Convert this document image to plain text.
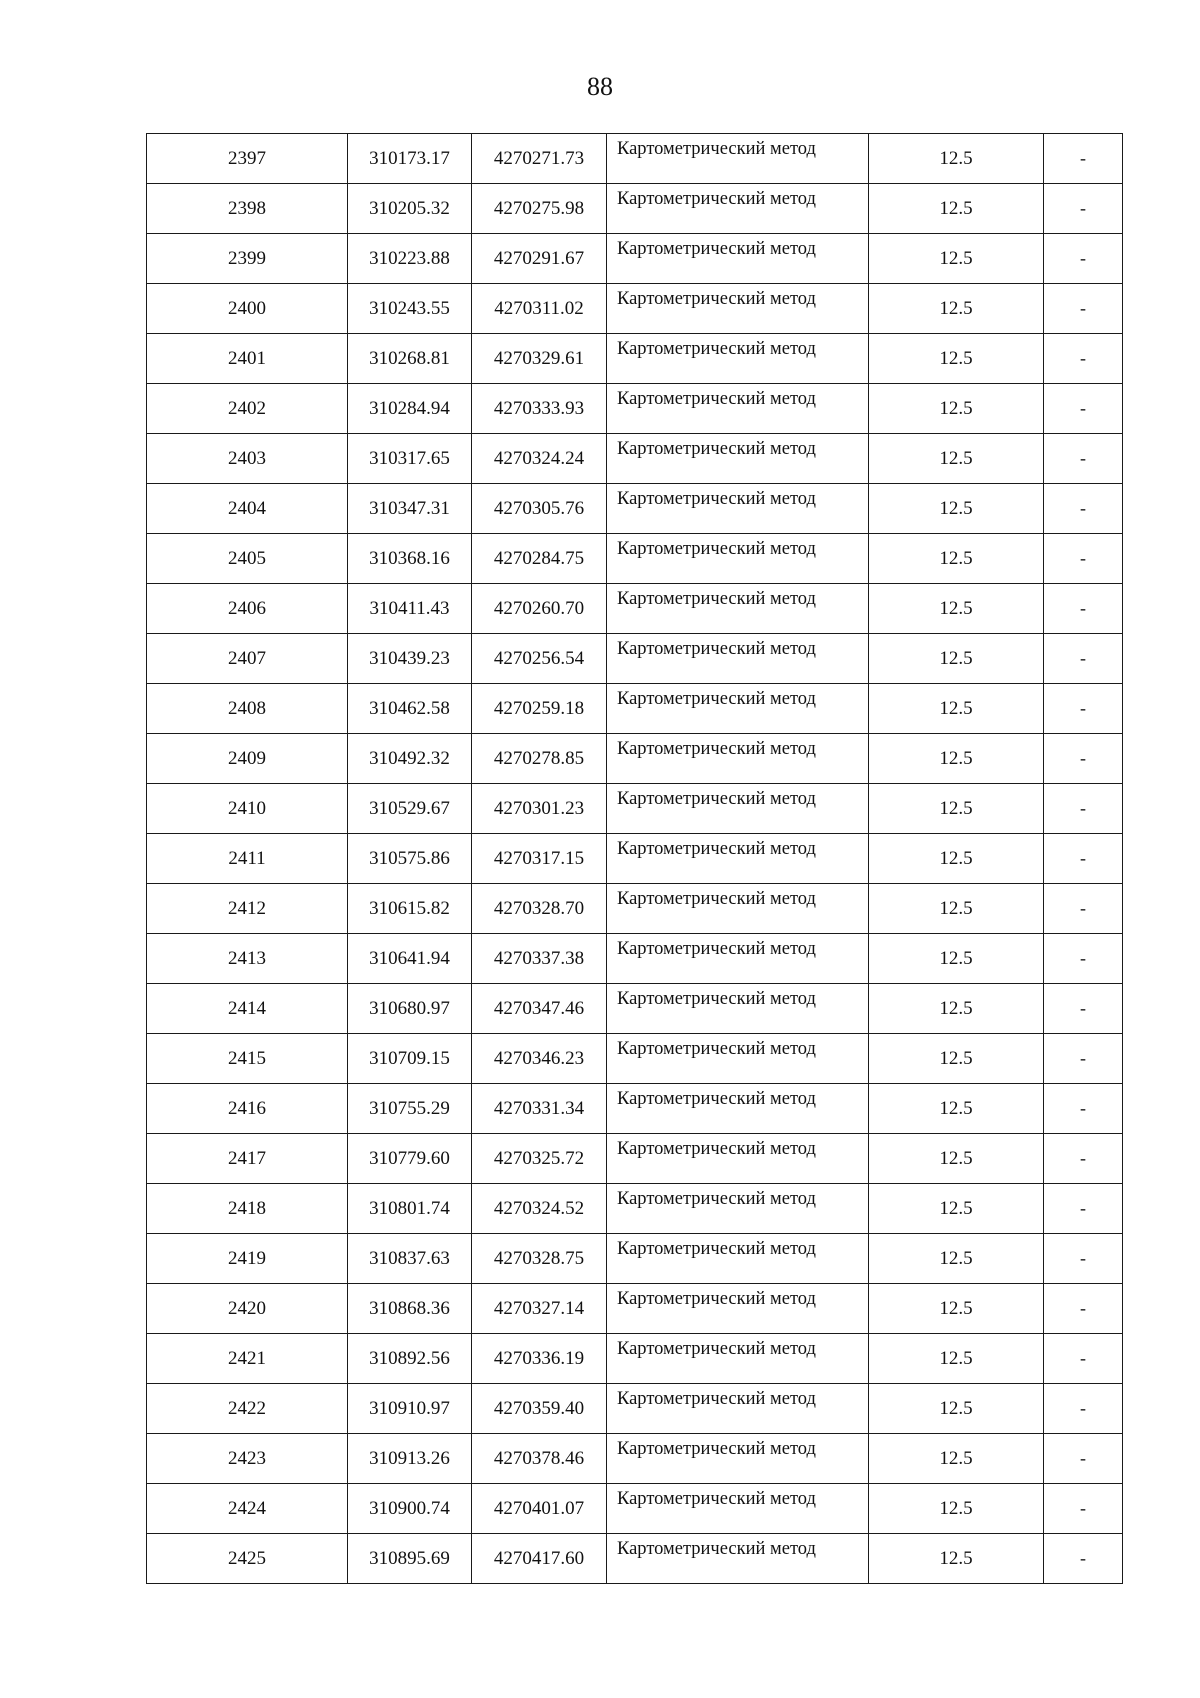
88
2397	310173.17	4270271.73	Картометрический метод	12.5	-
2398	310205.32	4270275.98	Картометрический метод	12.5	-
2399	310223.88	4270291.67	Картометрический метод	12.5	-
2400	310243.55	4270311.02	Картометрический метод	12.5	-
2401	310268.81	4270329.61	Картометрический метод	12.5	-
2402	310284.94	4270333.93	Картометрический метод	12.5	-
2403	310317.65	4270324.24	Картометрический метод	12.5	-
2404	310347.31	4270305.76	Картометрический метод	12.5	-
2405	310368.16	4270284.75	Картометрический метод	12.5	-
2406	310411.43	4270260.70	Картометрический метод	12.5	-
2407	310439.23	4270256.54	Картометрический метод	12.5	-
2408	310462.58	4270259.18	Картометрический метод	12.5	-
2409	310492.32	4270278.85	Картометрический метод	12.5	-
2410	310529.67	4270301.23	Картометрический метод	12.5	-
2411	310575.86	4270317.15	Картометрический метод	12.5	-
2412	310615.82	4270328.70	Картометрический метод	12.5	-
2413	310641.94	4270337.38	Картометрический метод	12.5	-
2414	310680.97	4270347.46	Картометрический метод	12.5	-
2415	310709.15	4270346.23	Картометрический метод	12.5	-
2416	310755.29	4270331.34	Картометрический метод	12.5	-
2417	310779.60	4270325.72	Картометрический метод	12.5	-
2418	310801.74	4270324.52	Картометрический метод	12.5	-
2419	310837.63	4270328.75	Картометрический метод	12.5	-
2420	310868.36	4270327.14	Картометрический метод	12.5	-
2421	310892.56	4270336.19	Картометрический метод	12.5	-
2422	310910.97	4270359.40	Картометрический метод	12.5	-
2423	310913.26	4270378.46	Картометрический метод	12.5	-
2424	310900.74	4270401.07	Картометрический метод	12.5	-
2425	310895.69	4270417.60	Картометрический метод	12.5	-
